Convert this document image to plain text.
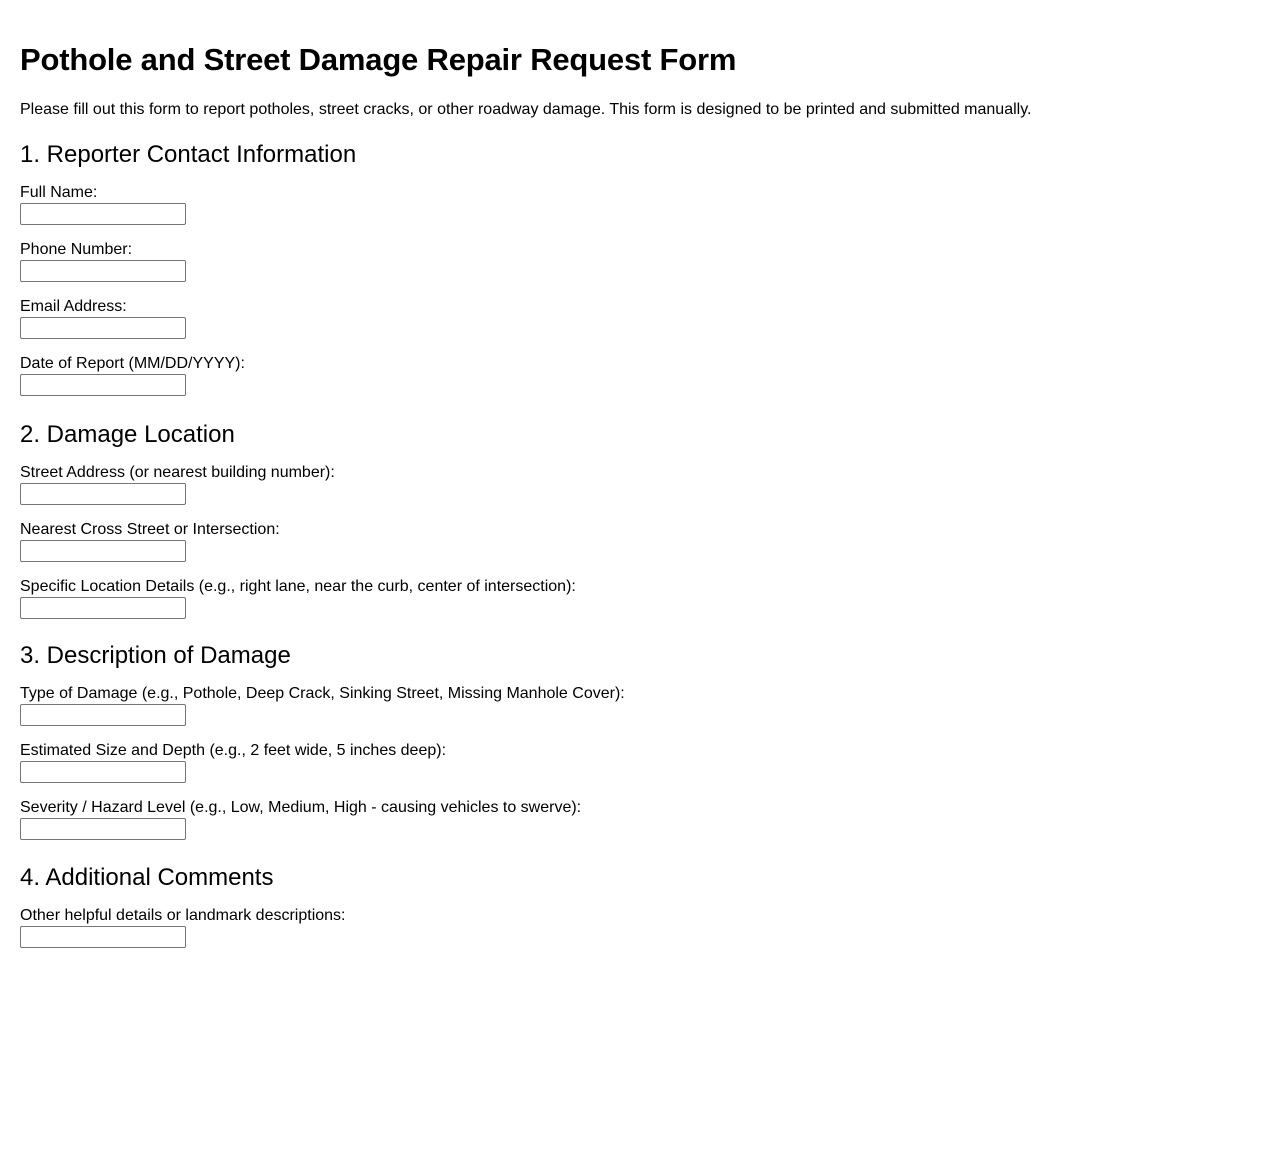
Pothole and Street Damage Repair Request Form

Please fill out this form to report potholes, street cracks, or other roadway damage. This form is designed to be printed and submitted manually.

1. Reporter Contact Information
Full Name:
Phone Number:
Email Address:
Date of Report (MM/DD/YYYY):
2. Damage Location
Street Address (or nearest building number):
Nearest Cross Street or Intersection:
Specific Location Details (e.g., right lane, near the curb, center of intersection):
3. Description of Damage
Type of Damage (e.g., Pothole, Deep Crack, Sinking Street, Missing Manhole Cover):
Estimated Size and Depth (e.g., 2 feet wide, 5 inches deep):
Severity / Hazard Level (e.g., Low, Medium, High - causing vehicles to swerve):
4. Additional Comments
Other helpful details or landmark descriptions:
